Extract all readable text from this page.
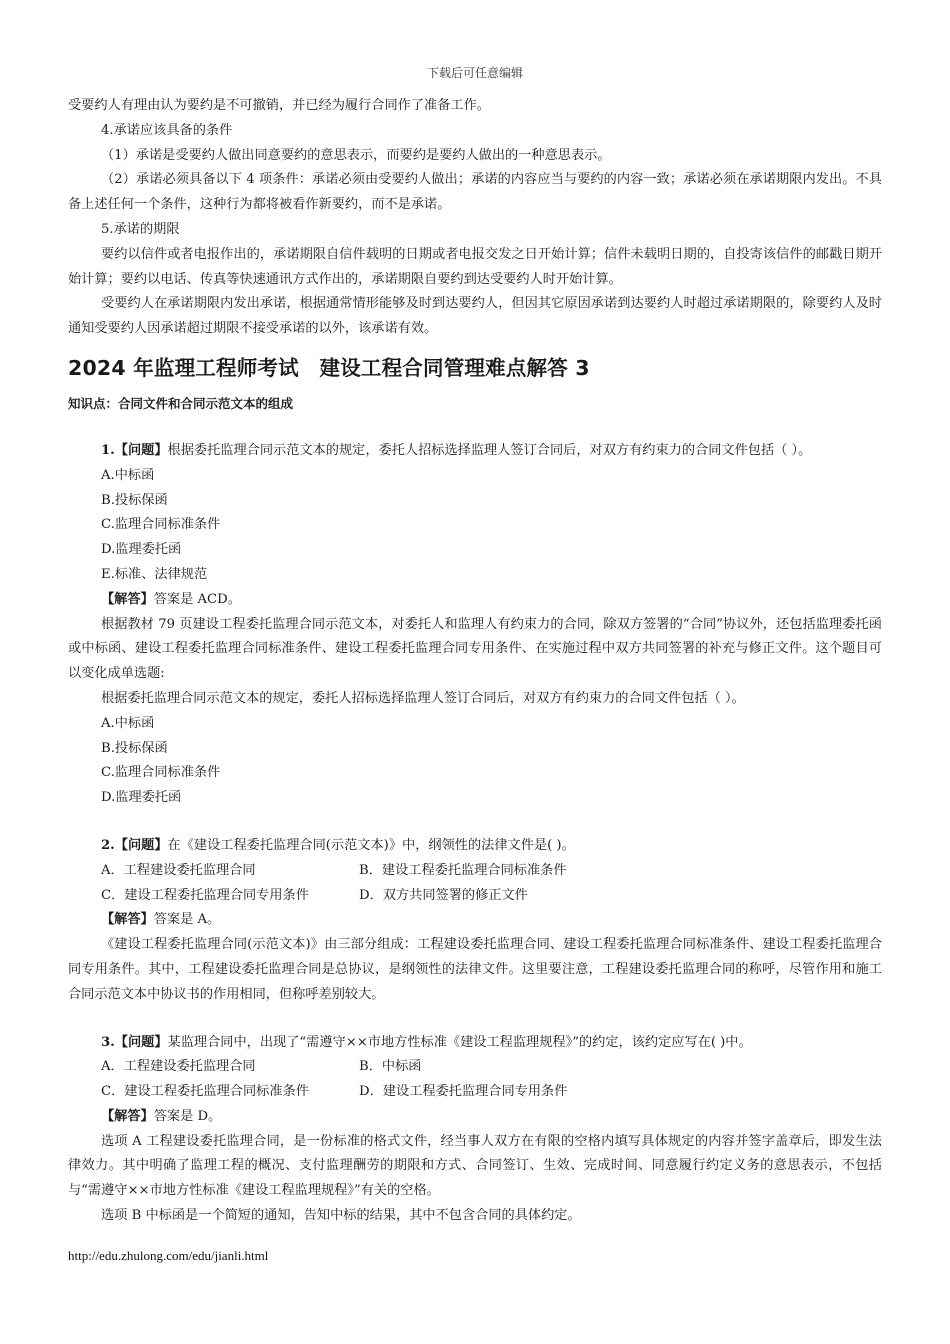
下载后可任意编辑

受要约人有理由认为要约是不可撤销，并已经为履行合同作了准备工作。

4.承诺应该具备的条件

（1）承诺是受要约人做出同意要约的意思表示，而要约是要约人做出的一种意思表示。

（2）承诺必须具备以下 4 项条件：承诺必须由受要约人做出；承诺的内容应当与要约的内容一致；承诺必须在承诺期限内发出。不具备上述任何一个条件，这种行为都将被看作新要约，而不是承诺。

5.承诺的期限

要约以信件或者电报作出的，承诺期限自信件载明的日期或者电报交发之日开始计算；信件未载明日期的，自投寄该信件的邮戳日期开始计算；要约以电话、传真等快速通讯方式作出的，承诺期限自要约到达受要约人时开始计算。

受要约人在承诺期限内发出承诺，根据通常情形能够及时到达要约人，但因其它原因承诺到达要约人时超过承诺期限的，除要约人及时通知受要约人因承诺超过期限不接受承诺的以外，该承诺有效。

2024 年监理工程师考试　建设工程合同管理难点解答 3
知识点：合同文件和合同示范文本的组成

1.【问题】根据委托监理合同示范文本的规定，委托人招标选择监理人签订合同后，对双方有约束力的合同文件包括（ ）。

A.中标函
B.投标保函
C.监理合同标准条件
D.监理委托函
E.标准、法律规范

【解答】答案是 ACD。

根据教材 79 页建设工程委托监理合同示范文本，对委托人和监理人有约束力的合同，除双方签署的“合同”协议外，还包括监理委托函或中标函、建设工程委托监理合同标准条件、建设工程委托监理合同专用条件、在实施过程中双方共同签署的补充与修正文件。这个题目可以变化成单选题:

根据委托监理合同示范文本的规定，委托人招标选择监理人签订合同后，对双方有约束力的合同文件包括（ ）。

A.中标函
B.投标保函
C.监理合同标准条件
D.监理委托函

2.【问题】在《建设工程委托监理合同(示范文本)》中，纲领性的法律文件是( )。

A．工程建设委托监理合同	B．建设工程委托监理合同标准条件
C．建设工程委托监理合同专用条件	D．双方共同签署的修正文件

【解答】答案是 A。

《建设工程委托监理合同(示范文本)》由三部分组成：工程建设委托监理合同、建设工程委托监理合同标准条件、建设工程委托监理合同专用条件。其中，工程建设委托监理合同是总协议，是纲领性的法律文件。这里要注意，工程建设委托监理合同的称呼，尽管作用和施工合同示范文本中协议书的作用相同，但称呼差别较大。

3.【问题】某监理合同中，出现了“需遵守××市地方性标准《建设工程监理规程》”的约定，该约定应写在( )中。

A．工程建设委托监理合同	B．中标函
C．建设工程委托监理合同标准条件	D．建设工程委托监理合同专用条件

【解答】答案是 D。

选项 A 工程建设委托监理合同，是一份标准的格式文件，经当事人双方在有限的空格内填写具体规定的内容并签字盖章后，即发生法律效力。其中明确了监理工程的概况、支付监理酬劳的期限和方式、合同签订、生效、完成时间、同意履行约定义务的意思表示，不包括与“需遵守××市地方性标准《建设工程监理规程》”有关的空格。

选项 B 中标函是一个简短的通知，告知中标的结果，其中不包含合同的具体约定。

http://edu.zhulong.com/edu/jianli.html
